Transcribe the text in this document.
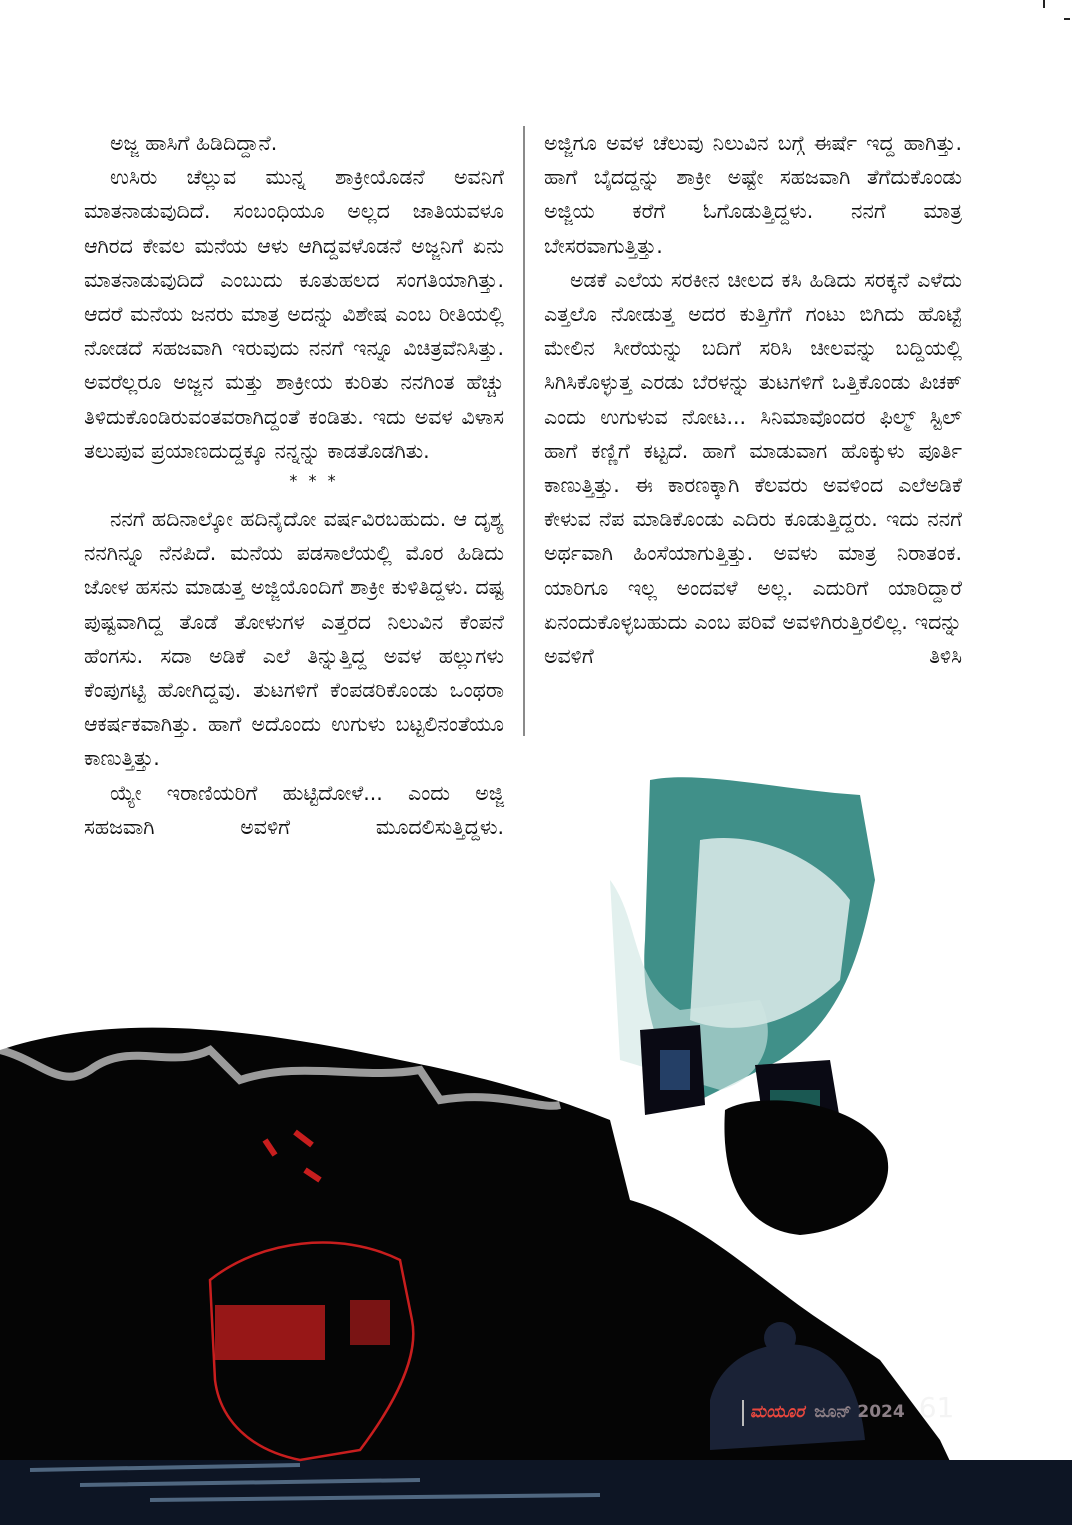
ಅಜ್ಜ ಹಾಸಿಗೆ ಹಿಡಿದಿದ್ದಾನೆ.

ಉಸಿರು ಚೆಲ್ಲುವ ಮುನ್ನ ಶಾಕ್ರೀಯೊಡನೆ ಅವನಿಗೆ ಮಾತನಾಡುವುದಿದೆ. ಸಂಬಂಧಿಯೂ ಅಲ್ಲದ ಜಾತಿಯವಳೂ ಆಗಿರದ ಕೇವಲ ಮನೆಯ ಆಳು ಆಗಿದ್ದವಳೊಡನೆ ಅಜ್ಜನಿಗೆ ಏನು ಮಾತನಾಡುವುದಿದೆ ಎಂಬುದು ಕೂತುಹಲದ ಸಂಗತಿಯಾಗಿತ್ತು. ಆದರೆ ಮನೆಯ ಜನರು ಮಾತ್ರ ಅದನ್ನು ವಿಶೇಷ ಎಂಬ ರೀತಿಯಲ್ಲಿ ನೋಡದೆ ಸಹಜವಾಗಿ ಇರುವುದು ನನಗೆ ಇನ್ನೂ ವಿಚಿತ್ರವೆನಿಸಿತ್ತು. ಅವರೆಲ್ಲರೂ ಅಜ್ಜನ ಮತ್ತು ಶಾಕ್ರೀಯ ಕುರಿತು ನನಗಿಂತ ಹೆಚ್ಚು ತಿಳಿದುಕೊಂಡಿರುವಂತವರಾಗಿದ್ದಂತೆ ಕಂಡಿತು. ಇದು ಅವಳ ವಿಳಾಸ ತಲುಪುವ ಪ್ರಯಾಣದುದ್ದಕ್ಕೂ ನನ್ನನ್ನು ಕಾಡತೊಡಗಿತು.

* * *

ನನಗೆ ಹದಿನಾಲ್ಕೋ ಹದಿನೈದೋ ವರ್ಷವಿರಬಹುದು. ಆ ದೃಶ್ಯ ನನಗಿನ್ನೂ ನೆನಪಿದೆ. ಮನೆಯ ಪಡಸಾಲೆಯಲ್ಲಿ ಮೊರ ಹಿಡಿದು ಜೋಳ ಹಸನು ಮಾಡುತ್ತ ಅಜ್ಜಿಯೊಂದಿಗೆ ಶಾಕ್ರೀ ಕುಳಿತಿದ್ದಳು. ದಷ್ಟ ಪುಷ್ಟವಾಗಿದ್ದ ತೊಡೆ ತೋಳುಗಳ ಎತ್ತರದ ನಿಲುವಿನ ಕೆಂಪನೆ ಹೆಂಗಸು. ಸದಾ ಅಡಿಕೆ ಎಲೆ ತಿನ್ನುತ್ತಿದ್ದ ಅವಳ ಹಲ್ಲುಗಳು ಕೆಂಪುಗಟ್ಟಿ ಹೋಗಿದ್ದವು. ತುಟಗಳಿಗೆ ಕೆಂಪಡರಿಕೊಂಡು ಒಂಥರಾ ಆಕರ್ಷಕವಾಗಿತ್ತು. ಹಾಗೆ ಅದೊಂದು ಉಗುಳು ಬಟ್ಟಲಿನಂತೆಯೂ ಕಾಣುತ್ತಿತ್ತು.

ಯ್ಯೇ ಇರಾಣಿಯರಿಗೆ ಹುಟ್ಟಿದೋಳೆ... ಎಂದು ಅಜ್ಜಿ ಸಹಜವಾಗಿ ಅವಳಿಗೆ ಮೂದಲಿಸುತ್ತಿದ್ದಳು.

ಅಜ್ಜಿಗೂ ಅವಳ ಚೆಲುವು ನಿಲುವಿನ ಬಗ್ಗೆ ಈರ್ಷೆ ಇದ್ದ ಹಾಗಿತ್ತು. ಹಾಗೆ ಬೈದದ್ದನ್ನು ಶಾಕ್ರೀ ಅಷ್ಟೇ ಸಹಜವಾಗಿ ತೆಗೆದುಕೊಂಡು ಅಜ್ಜಿಯ ಕರೆಗೆ ಓಗೊಡುತ್ತಿದ್ದಳು. ನನಗೆ ಮಾತ್ರ ಬೇಸರವಾಗುತ್ತಿತ್ತು.

ಅಡಕೆ ಎಲೆಯ ಸರಕೀನ ಚೀಲದ ಕಸಿ ಹಿಡಿದು ಸರಕ್ಕನೆ ಎಳೆದು ಎತ್ತಲೊ ನೋಡುತ್ತ ಅದರ ಕುತ್ತಿಗೆಗೆ ಗಂಟು ಬಿಗಿದು ಹೊಟ್ಟೆ ಮೇಲಿನ ಸೀರೆಯನ್ನು ಬದಿಗೆ ಸರಿಸಿ ಚೀಲವನ್ನು ಬದ್ದಿಯಲ್ಲಿ ಸಿಗಿಸಿಕೊಳ್ಳುತ್ತ ಎರಡು ಬೆರಳನ್ನು ತುಟಗಳಿಗೆ ಒತ್ತಿಕೊಂಡು ಪಿಚಕ್ ಎಂದು ಉಗುಳುವ ನೋಟ... ಸಿನಿಮಾವೊಂದರ ಫಿಲ್ಮ್ ಸ್ಟಿಲ್ ಹಾಗೆ ಕಣ್ಣಿಗೆ ಕಟ್ಟದೆ. ಹಾಗೆ ಮಾಡುವಾಗ ಹೊಕ್ಕುಳು ಪೂರ್ತಿ ಕಾಣುತ್ತಿತ್ತು. ಈ ಕಾರಣಕ್ಕಾಗಿ ಕೆಲವರು ಅವಳಿಂದ ಎಲೆಅಡಿಕೆ ಕೇಳುವ ನೆಪ ಮಾಡಿಕೊಂಡು ಎದಿರು ಕೂಡುತ್ತಿದ್ದರು. ಇದು ನನಗೆ ಅರ್ಥವಾಗಿ ಹಿಂಸೆಯಾಗುತ್ತಿತ್ತು. ಅವಳು ಮಾತ್ರ ನಿರಾತಂಕ. ಯಾರಿಗೂ ಇಲ್ಲ ಅಂದವಳೆ ಅಲ್ಲ. ಎದುರಿಗೆ ಯಾರಿದ್ದಾರೆ ಏನಂದುಕೊಳ್ಳಬಹುದು ಎಂಬ ಪರಿವೆ ಅವಳಿಗಿರುತ್ತಿರಲಿಲ್ಲ. ಇದನ್ನು ಅವಳಿಗೆ ತಿಳಿಸಿ

ಮಯೂರ ಜೂನ್ 2024 61
